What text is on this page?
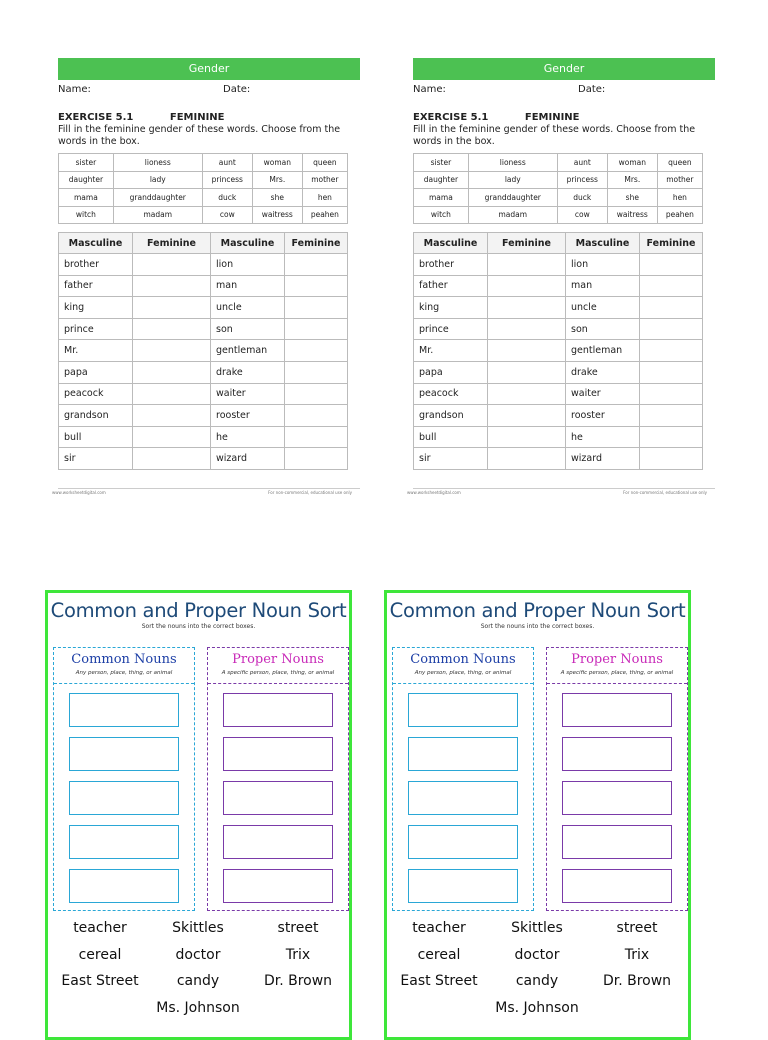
Gender
Name:	Date:
EXERCISE 5.1	FEMININE
Fill in the feminine gender of these words. Choose from the words in the box.
sister	lioness	aunt	woman	queen
daughter	lady	princess	Mrs.	mother
mama	granddaughter	duck	she	hen
witch	madam	cow	waitress	peahen
Masculine	Feminine	Masculine	Feminine
brother		lion	
father		man	
king		uncle	
prince		son	
Mr.		gentleman	
papa		drake	
peacock		waiter	
grandson		rooster	
bull		he	
sir		wizard	
www.worksheetdigital.com	For non-commercial, educational use only
Gender
Name:	Date:
EXERCISE 5.1	FEMININE
Fill in the feminine gender of these words. Choose from the words in the box.
sister	lioness	aunt	woman	queen
daughter	lady	princess	Mrs.	mother
mama	granddaughter	duck	she	hen
witch	madam	cow	waitress	peahen
Masculine	Feminine	Masculine	Feminine
brother		lion	
father		man	
king		uncle	
prince		son	
Mr.		gentleman	
papa		drake	
peacock		waiter	
grandson		rooster	
bull		he	
sir		wizard	
www.worksheetdigital.com	For non-commercial, educational use only
Common and Proper Noun Sort
Sort the nouns into the correct boxes.
Common Nouns
Any person, place, thing, or animal
Proper Nouns
A specific person, place, thing, or animal
teacher	Skittles	street
cereal	doctor	Trix
East Street	candy	Dr. Brown
Ms. Johnson
Common and Proper Noun Sort
Sort the nouns into the correct boxes.
Common Nouns
Any person, place, thing, or animal
Proper Nouns
A specific person, place, thing, or animal
teacher	Skittles	street
cereal	doctor	Trix
East Street	candy	Dr. Brown
Ms. Johnson
